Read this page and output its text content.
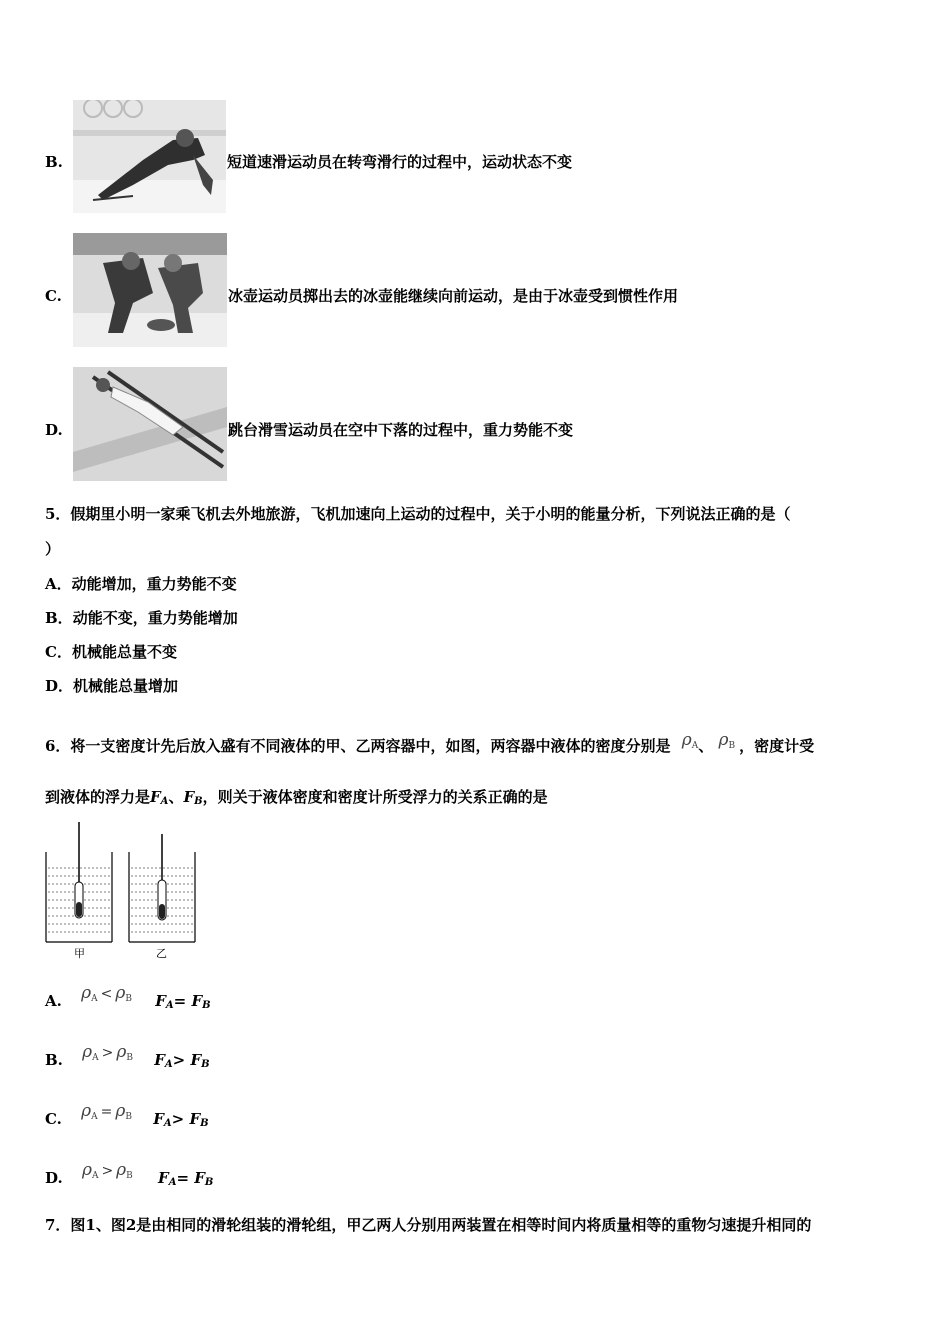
B.	短道速滑运动员在转弯滑行的过程中，运动状态不变
C.	冰壶运动员掷出去的冰壶能继续向前运动，是由于冰壶受到惯性作用
D.	跳台滑雪运动员在空中下落的过程中，重力势能不变
5．假期里小明一家乘飞机去外地旅游，飞机加速向上运动的过程中，关于小明的能量分析，下列说法正确的是（
）
A．动能增加，重力势能不变
B．动能不变，重力势能增加
C．机械能总量不变
D．机械能总量增加
6．将一支密度计先后放入盛有不同液体的甲、乙两容器中，如图，两容器中液体的密度分别是 $\rho_A$、 $\rho_B$ ，密度计受
到液体的浮力是$F_A$、$F_B$，则关于液体密度和密度计所受浮力的关系正确的是
甲	乙
A. $\rho_A < \rho_B$ $F_A= F_B$
B. $\rho_A > \rho_B$ $F_A> F_B$
C. $\rho_A = \rho_B$ $F_A> F_B$
D. $\rho_A > \rho_B$ $F_A= F_B$
7．图1、图2是由相同的滑轮组装的滑轮组，甲乙两人分别用两装置在相等时间内将质量相等的重物匀速提升相同的
